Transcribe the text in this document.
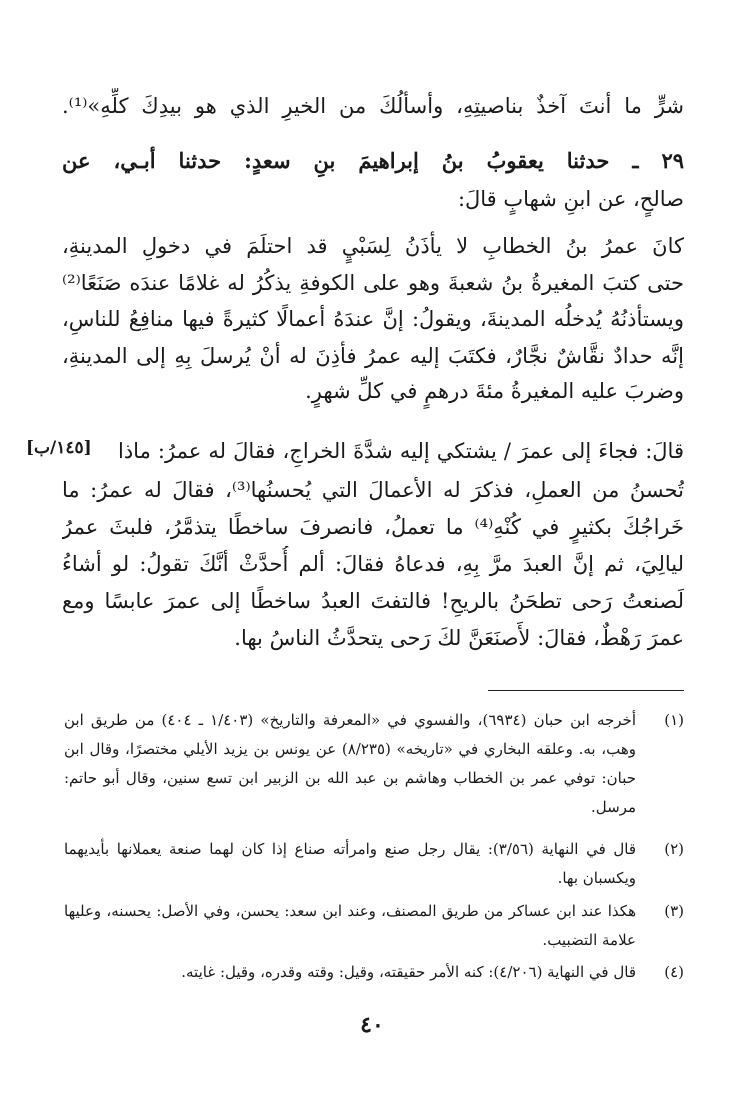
شرٍّ ما أنتَ آخذٌ بناصيتِهِ، وأسألُكَ من الخيرِ الذي هو بيدِكَ كلِّهِ»⁽¹⁾.
٢٩ ـ حدثنا يعقوبُ بنُ إبراهيمَ بنِ سعدٍ: حدثنا أبـي، عن
صالحٍ، عن ابنِ شهابٍ قالَ:
كانَ عمرُ بنُ الخطابِ لا يأذَنُ لِسَبْيٍ قد احتلَمَ في دخولِ المدينةِ،
حتى كتبَ المغيرةُ بنُ شعبةَ وهو على الكوفةِ يذكُرُ له غلامًا عندَه صَنَعًا⁽²⁾
ويستأذنُهُ يُدخلُه المدينةَ، ويقولُ: إنَّ عندَهُ أعمالًا كثيرةً فيها منافِعُ للناسِ،
إنَّه حدادٌ نقَّاشٌ نجَّارٌ، فكتَبَ إليه عمرُ فأذِنَ له أنْ يُرسلَ بِهِ إلى المدينةِ،
وضربَ عليه المغيرةُ مئةَ درهمٍ في كلِّ شهرٍ.
قالَ: فجاءَ إلى عمرَ / يشتكي إليه شدَّةَ الخراجِ، فقالَ له عمرُ: ماذا
تُحسنُ من العملِ، فذكرَ له الأعمالَ التي يُحسنُها⁽³⁾، فقالَ له عمرُ: ما
خَراجُكَ بكثيرٍ في كُنْهِ⁽⁴⁾ ما تعملُ، فانصرفَ ساخطًا يتذمَّرُ، فلبثَ عمرُ
ليالِيَ، ثم إنَّ العبدَ مرَّ بِهِ، فدعاهُ فقالَ: ألم أُحدَّثْ أنَّكَ تقولُ: لو أشاءُ
لَصنعتُ رَحى تطحَنُ بالريحِ! فالتفتَ العبدُ ساخطًا إلى عمرَ عابسًا ومع
عمرَ رَهْطٌ، فقالَ: لأَصنَعَنَّ لكَ رَحى يتحدَّثُ الناسُ بها.
[١٤٥/ب]
(١)
أخرجه ابن حبان (٦٩٣٤)، والفسوي في «المعرفة والتاريخ» (١/٤٠٣ ـ ٤٠٤) من طريق ابن وهب، به. وعلقه البخاري في «تاريخه» (٨/٢٣٥) عن يونس بن يزيد الأيلي مختصرًا، وقال ابن حبان: توفي عمر بن الخطاب وهاشم بن عبد الله بن الزبير ابن تسع سنين، وقال أبو حاتم: مرسل.
(٢)
قال في النهاية (٣/٥٦): يقال رجل صنع وامرأته صناع إذا كان لهما صنعة يعملانها بأيديهما ويكسبان بها.
(٣)
هكذا عند ابن عساكر من طريق المصنف، وعند ابن سعد: يحسن، وفي الأصل: يحسنه، وعليها علامة التضبيب.
(٤)
قال في النهاية (٤/٢٠٦): كنه الأمر حقيقته، وقيل: وقته وقدره، وقيل: غايته.
٤٠
